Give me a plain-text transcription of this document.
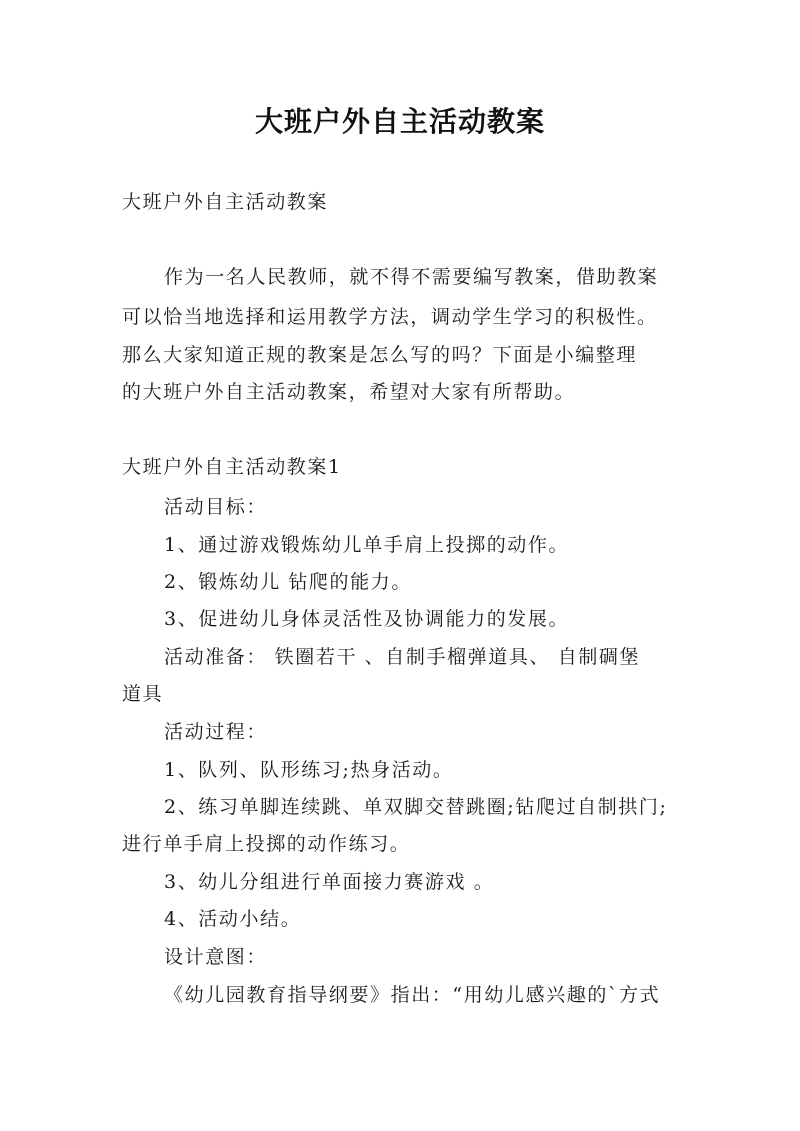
大班户外自主活动教案
大班户外自主活动教案
作为一名人民教师，就不得不需要编写教案，借助教案
可以恰当地选择和运用教学方法，调动学生学习的积极性。
那么大家知道正规的教案是怎么写的吗？下面是小编整理
的大班户外自主活动教案，希望对大家有所帮助。
大班户外自主活动教案1
活动目标：
1、通过游戏锻炼幼儿单手肩上投掷的动作。
2、锻炼幼儿 钻爬的能力。
3、促进幼儿身体灵活性及协调能力的发展。
活动准备： 铁圈若干 、自制手榴弹道具、 自制碉堡
道具
活动过程：
1、队列、队形练习;热身活动。
2、练习单脚连续跳、单双脚交替跳圈;钻爬过自制拱门;
进行单手肩上投掷的动作练习。
3、幼儿分组进行单面接力赛游戏 。
4、活动小结。
设计意图：
《幼儿园教育指导纲要》指出：“用幼儿感兴趣的`方式
